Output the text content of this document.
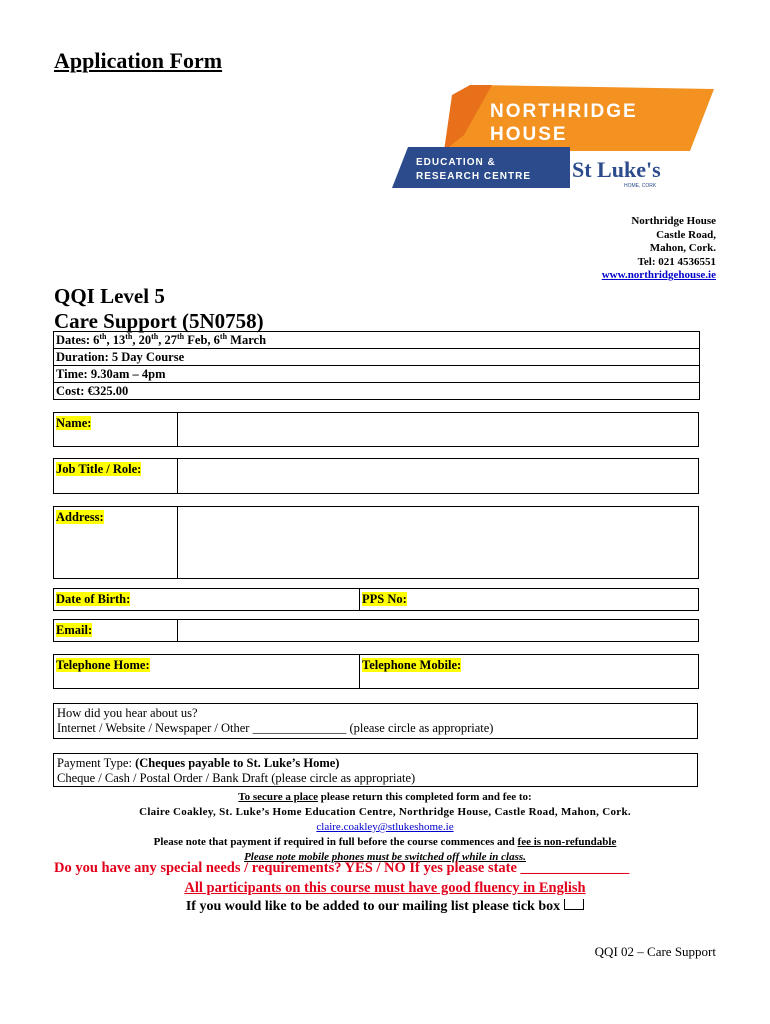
Application Form
NORTHRIDGE
HOUSE
EDUCATION &
RESEARCH CENTRE St Luke's
HOME, CORK
Northridge House
Castle Road,
Mahon, Cork.
Tel: 021 4536551
www.northridgehouse.ie
QQI Level 5
Care Support (5N0758)
Dates: 6th, 13th, 20th, 27th Feb, 6th March
Duration: 5 Day Course
Time: 9.30am – 4pm
Cost: €325.00
Name:	
Job Title / Role:	
Address:	
Date of Birth:	PPS No:
Email:	
Telephone Home:	Telephone Mobile:
How did you hear about us?
Internet / Website / Newspaper / Other _______________ (please circle as appropriate)
Payment Type: (Cheques payable to St. Luke’s Home)
Cheque / Cash / Postal Order / Bank Draft (please circle as appropriate)
To secure a place please return this completed form and fee to:
Claire Coakley, St. Luke’s Home Education Centre, Northridge House, Castle Road, Mahon, Cork.
claire.coakley@stlukeshome.ie
Please note that payment if required in full before the course commences and fee is non-refundable
Please note mobile phones must be switched off while in class.
Do you have any special needs / requirements? YES / NO If yes please state _______________
All participants on this course must have good fluency in English
If you would like to be added to our mailing list please tick box
QQI 02 – Care Support
